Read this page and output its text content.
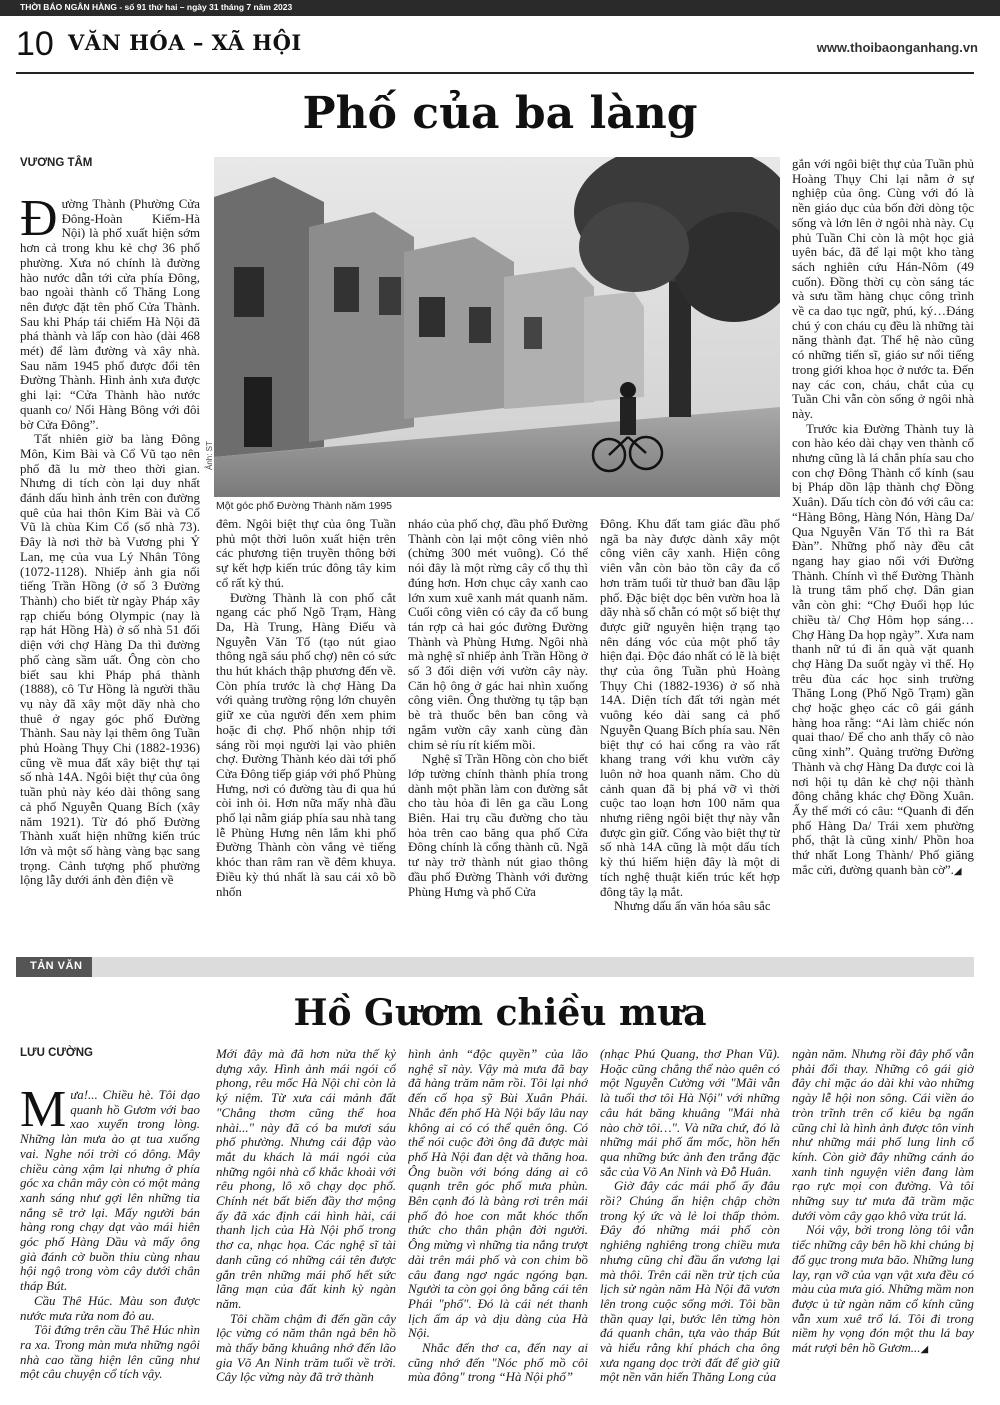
THỜI BÁO NGÂN HÀNG - số 91 thứ hai – ngày 31 tháng 7 năm 2023
10 VĂN HÓA – XÃ HỘI	www.thoibaonganhang.vn
Phố của ba làng
VƯƠNG TÂM

Đường Thành (Phường Cửa Đông-Hoàn Kiếm-Hà Nội) là phố xuất hiện sớm hơn cả trong khu kẻ chợ 36 phố phường. Xưa nó chính là đường hào nước dẫn tới cửa phía Đông, bao ngoài thành cổ Thăng Long nên được đặt tên phố Cửa Thành. Sau khi Pháp tái chiếm Hà Nội đã phá thành và lấp con hào (dài 468 mét) để làm đường và xây nhà. Sau năm 1945 phố được đổi tên Đường Thành. Hình ảnh xưa được ghi lại: “Cửa Thành hào nước quanh co/ Nối Hàng Bông với đôi bờ Cửa Đông”.

Tất nhiên giờ ba làng Đông Môn, Kim Bài và Cổ Vũ tạo nên phố đã lu mờ theo thời gian. Nhưng di tích còn lại duy nhất đánh dấu hình ảnh trên con đường quê của hai thôn Kim Bài và Cổ Vũ là chùa Kim Cổ (số nhà 73). Đây là nơi thờ bà Vương phi Ỷ Lan, mẹ của vua Lý Nhân Tông (1072-1128). Nhiếp ảnh gia nổi tiếng Trần Hồng (ở số 3 Đường Thành) cho biết từ ngày Pháp xây rạp chiếu bóng Olympic (nay là rạp hát Hồng Hà) ở số nhà 51 đối diện với chợ Hàng Da thì đường phố càng sầm uất. Ông còn cho biết sau khi Pháp phá thành (1888), cô Tư Hồng là người thầu vụ này đã xây một dãy nhà cho thuê ở ngay góc phố Đường Thành. Sau này lại thêm ông Tuần phủ Hoàng Thụy Chi (1882-1936) cũng về mua đất xây biệt thự tại số nhà 14A. Ngôi biệt thự của ông tuần phủ này kéo dài thông sang cả phố Nguyễn Quang Bích (xây năm 1921). Từ đó phố Đường Thành xuất hiện những kiến trúc lớn và một số hàng vàng bạc sang trọng. Cảnh tượng phố phường lộng lẫy dưới ánh đèn điện về

Ảnh: ST
Một góc phố Đường Thành năm 1995

đêm. Ngôi biệt thự của ông Tuần phủ một thời luôn xuất hiện trên các phương tiện truyền thông bởi sự kết hợp kiến trúc đông tây kim cổ rất kỳ thú.

Đường Thành là con phố cắt ngang các phố Ngõ Trạm, Hàng Da, Hà Trung, Hàng Điếu và Nguyễn Văn Tố (tạo nút giao thông ngã sáu phố chợ) nên có sức thu hút khách thập phương đến về. Còn phía trước là chợ Hàng Da với quảng trường rộng lớn chuyên giữ xe của người đến xem phim hoặc đi chợ. Phố nhộn nhịp tới sáng rồi mọi người lại vào phiên chợ. Đường Thành kéo dài tới phố Cửa Đông tiếp giáp với phố Phùng Hưng, nơi có đường tàu đi qua hú còi inh ỏi. Hơn nữa mấy nhà đầu phố lại nằm giáp phía sau nhà tang lễ Phùng Hưng nên lắm khi phố Đường Thành còn vắng vẻ tiếng khóc than râm ran về đêm khuya. Điều kỳ thú nhất là sau cái xô bồ nhốn

nháo của phố chợ, đầu phố Đường Thành còn lại một công viên nhỏ (chừng 300 mét vuông). Có thể nói đây là một rừng cây cổ thụ thì đúng hơn. Hơn chục cây xanh cao lớn xum xuê xanh mát quanh năm. Cuối công viên có cây đa cổ bung tán rợp cả hai góc đường Đường Thành và Phùng Hưng. Ngôi nhà mà nghệ sĩ nhiếp ảnh Trần Hồng ở số 3 đối diện với vườn cây này. Căn hộ ông ở gác hai nhìn xuống công viên. Ông thường tụ tập bạn bè trà thuốc bên ban công và ngắm vườn cây xanh cùng đàn chim sẻ ríu rít kiếm mồi.

Nghệ sĩ Trần Hồng còn cho biết lớp tường chính thành phía trong dành một phần làm con đường sắt cho tàu hỏa đi lên ga cầu Long Biên. Hai trụ cầu đường cho tàu hỏa trên cao băng qua phố Cửa Đông chính là cổng thành cũ. Ngã tư này trở thành nút giao thông đầu phố Đường Thành với đường Phùng Hưng và phố Cửa

Đông. Khu đất tam giác đầu phố ngã ba này được dành xây một công viên cây xanh. Hiện công viên vẫn còn bảo tồn cây đa cổ hơn trăm tuổi từ thuở ban đầu lập phố. Đặc biệt dọc bên vườn hoa là dãy nhà số chẵn có một số biệt thự được giữ nguyên hiện trạng tạo nên dáng vóc của một phố tây hiện đại. Độc đáo nhất có lẽ là biệt thự của ông Tuần phủ Hoàng Thụy Chi (1882-1936) ở số nhà 14A. Diện tích đất tới ngàn mét vuông kéo dài sang cả phố Nguyễn Quang Bích phía sau. Nên biệt thự có hai cổng ra vào rất khang trang với khu vườn cây luôn nở hoa quanh năm. Cho dù cảnh quan đã bị phá vỡ vì thời cuộc tao loạn hơn 100 năm qua nhưng riêng ngôi biệt thự này vẫn được gìn giữ. Cổng vào biệt thự từ số nhà 14A cũng là một dấu tích kỳ thú hiếm hiện đây là một di tích nghệ thuật kiến trúc kết hợp đông tây lạ mắt.

Nhưng dấu ấn văn hóa sâu sắc

gắn với ngôi biệt thự của Tuần phủ Hoàng Thụy Chi lại nằm ở sự nghiệp của ông. Cùng với đó là nền giáo dục của bốn đời dòng tộc sống và lớn lên ở ngôi nhà này. Cụ phủ Tuần Chi còn là một học giả uyên bác, đã để lại một kho tàng sách nghiên cứu Hán-Nôm (49 cuốn). Đồng thời cụ còn sáng tác và sưu tầm hàng chục công trình về ca dao tục ngữ, phú, ký…Đáng chú ý con cháu cụ đều là những tài năng thành đạt. Thế hệ nào cũng có những tiến sĩ, giáo sư nổi tiếng trong giới khoa học ở nước ta. Đến nay các con, cháu, chắt của cụ Tuần Chi vẫn còn sống ở ngôi nhà này.

Trước kia Đường Thành tuy là con hào kéo dài chạy ven thành cổ nhưng cũng là lá chắn phía sau cho con chợ Đông Thành cổ kính (sau bị Pháp dồn lập thành chợ Đồng Xuân). Dấu tích còn đó với câu ca: “Hàng Bông, Hàng Nón, Hàng Da/ Qua Nguyễn Văn Tố thì ra Bát Đàn”. Những phố này đều cắt ngang hay giao nối với Đường Thành. Chính vì thế Đường Thành là trung tâm phố chợ. Dân gian vẫn còn ghi: “Chợ Đuổi họp lúc chiều tà/ Chợ Hôm họp sáng…Chợ Hàng Da họp ngày”. Xưa nam thanh nữ tú đi ăn quà vặt quanh chợ Hàng Da suốt ngày vì thế. Họ trêu đùa các học sinh trường Thăng Long (Phố Ngõ Trạm) gần chợ hoặc ghẹo các cô gái gánh hàng hoa rằng: “Ai làm chiếc nón quai thao/ Để cho anh thấy cô nào cũng xinh”. Quảng trường Đường Thành và chợ Hàng Da được coi là nơi hội tụ dân kẻ chợ nội thành đông chẳng khác chợ Đồng Xuân. Ấy thế mới có câu: “Quanh đi đến phố Hàng Da/ Trái xem phường phố, thật là cũng xinh/ Phồn hoa thứ nhất Long Thành/ Phố giăng mắc cửi, đường quanh bàn cờ”.◢

TẢN VĂN
Hồ Gươm chiều mưa
LƯU CƯỜNG

Mưa!... Chiều hè. Tôi dạo quanh hồ Gươm với bao xao xuyến trong lòng. Những làn mưa ào ạt tua xuống vai. Nghe nói trời có dông. Mây chiều càng xậm lại nhưng ở phía góc xa chân mây còn có một mảng xanh sáng như gợi lên những tia nắng sẽ trở lại. Mấy người bán hàng rong chạy dạt vào mái hiên góc phố Hàng Dầu và mấy ông già đánh cờ buồn thiu cùng nhau hội ngộ trong vòm cây dưới chân tháp Bút.

Cầu Thê Húc. Màu son được nước mưa rửa nom đỏ au.

Tôi đứng trên cầu Thê Húc nhìn ra xa. Trong màn mưa những ngôi nhà cao tầng hiện lên cũng như một câu chuyện cổ tích vậy.

Mới đây mà đã hơn nửa thế kỷ dựng xây. Hình ảnh mái ngói cổ phong, rêu mốc Hà Nội chỉ còn là ký niệm. Từ xưa cái mảnh đất "Chẳng thơm cũng thể hoa nhài..." này đã có ba mươi sáu phố phường. Nhưng cái đập vào mắt du khách là mái ngói của những ngôi nhà cổ khắc khoải với rêu phong, lô xô chạy dọc phố. Chính nét bất biến đầy thơ mộng ấy đã xác định cái hình hài, cái thanh lịch của Hà Nội phố trong thơ ca, nhạc họa. Các nghệ sĩ tài danh cũng có những cái tên được gắn trên những mái phố hết sức lãng mạn của đất kinh kỳ ngàn năm.

Tôi chầm chậm đi đến gần cây lộc vừng có năm thân ngả bên hồ mà thấy băng khuâng nhớ đến lão gia Võ An Ninh trăm tuổi về trời. Cây lộc vừng này đã trở thành

hình ảnh “độc quyền” của lão nghệ sĩ này. Vậy mà mưa đã bay đã hàng trăm năm rồi. Tôi lại nhớ đến cố họa sỹ Bùi Xuân Phái. Nhắc đến phố Hà Nội bấy lâu nay không ai có có thể quên ông. Có thể nói cuộc đời ông đã được mài phố Hà Nội đan dệt và thăng hoa. Ông buồn với bóng dáng ai cô quạnh trên góc phố mưa phùn. Bên cạnh đó là bàng rơi trên mái phố đỏ hoe con mắt khóc thổn thức cho thân phận đời người. Ông mừng vì những tia nắng trượt dài trên mái phố và con chim bồ câu đang ngơ ngác ngóng bạn. Người ta còn gọi ông bằng cái tên Phái "phố". Đó là cái nét thanh lịch ấm áp và dịu dàng của Hà Nội.

Nhắc đến thơ ca, đến nay ai cũng nhớ đến "Nóc phố mồ côi mùa đông" trong “Hà Nội phố”

(nhạc Phú Quang, thơ Phan Vũ). Hoặc cũng chẳng thể nào quên có một Nguyễn Cường với "Mãi vẫn là tuổi thơ tôi Hà Nội" với những câu hát băng khuâng "Mái nhà nào chờ tôi…". Và nữa chứ, đó là những mái phố ẩm mốc, hồn hến qua những bức ảnh đen trắng đặc sắc của Võ An Ninh và Đỗ Huân.

Giờ đây các mái phố ấy đâu rồi? Chúng ẩn hiện chập chờn trong ký ức và lẻ loi thấp thỏm. Đây đó những mái phố còn nghiêng nghiêng trong chiều mưa nhưng cũng chỉ đầu ẩn vương lại mà thôi. Trên cái nền trừ tịch của lịch sử ngàn năm Hà Nội đã vươn lên trong cuộc sống mới. Tôi bần thần quay lại, bước lên từng hòn đá quanh chân, tựa vào tháp Bút và hiểu rằng khí phách cha ông xưa ngang dọc trời đất để giờ giữ một nền văn hiến Thăng Long của

ngàn năm. Nhưng rồi đây phố vẫn phải đổi thay. Những cô gái giờ đây chỉ mặc áo dài khi vào những ngày lễ hội non sông. Cái viền áo tròn trĩnh trên cổ kiêu bạ ngấn cũng chỉ là hình ảnh được tôn vinh như những mái phố lung linh cổ kính. Còn giờ đây những cánh áo xanh tinh nguyện viên đang làm rạo rực mọi con đường. Và tôi những suy tư mưa đã trầm mặc dưới vòm cây gạo khô vừa trút lá.

Nói vậy, bởi trong lòng tôi vẫn tiếc những cây bên hồ khi chúng bị đổ gục trong mưa bão. Những lung lay, rạn vỡ của vạn vật xưa đều có màu của mưa gió. Những mầm non được ủ từ ngàn năm cổ kính cũng vẫn xum xuê trổ lá. Tôi đi trong niềm hy vọng đón một thu lá bay mát rượi bên hồ Gươm...◢
